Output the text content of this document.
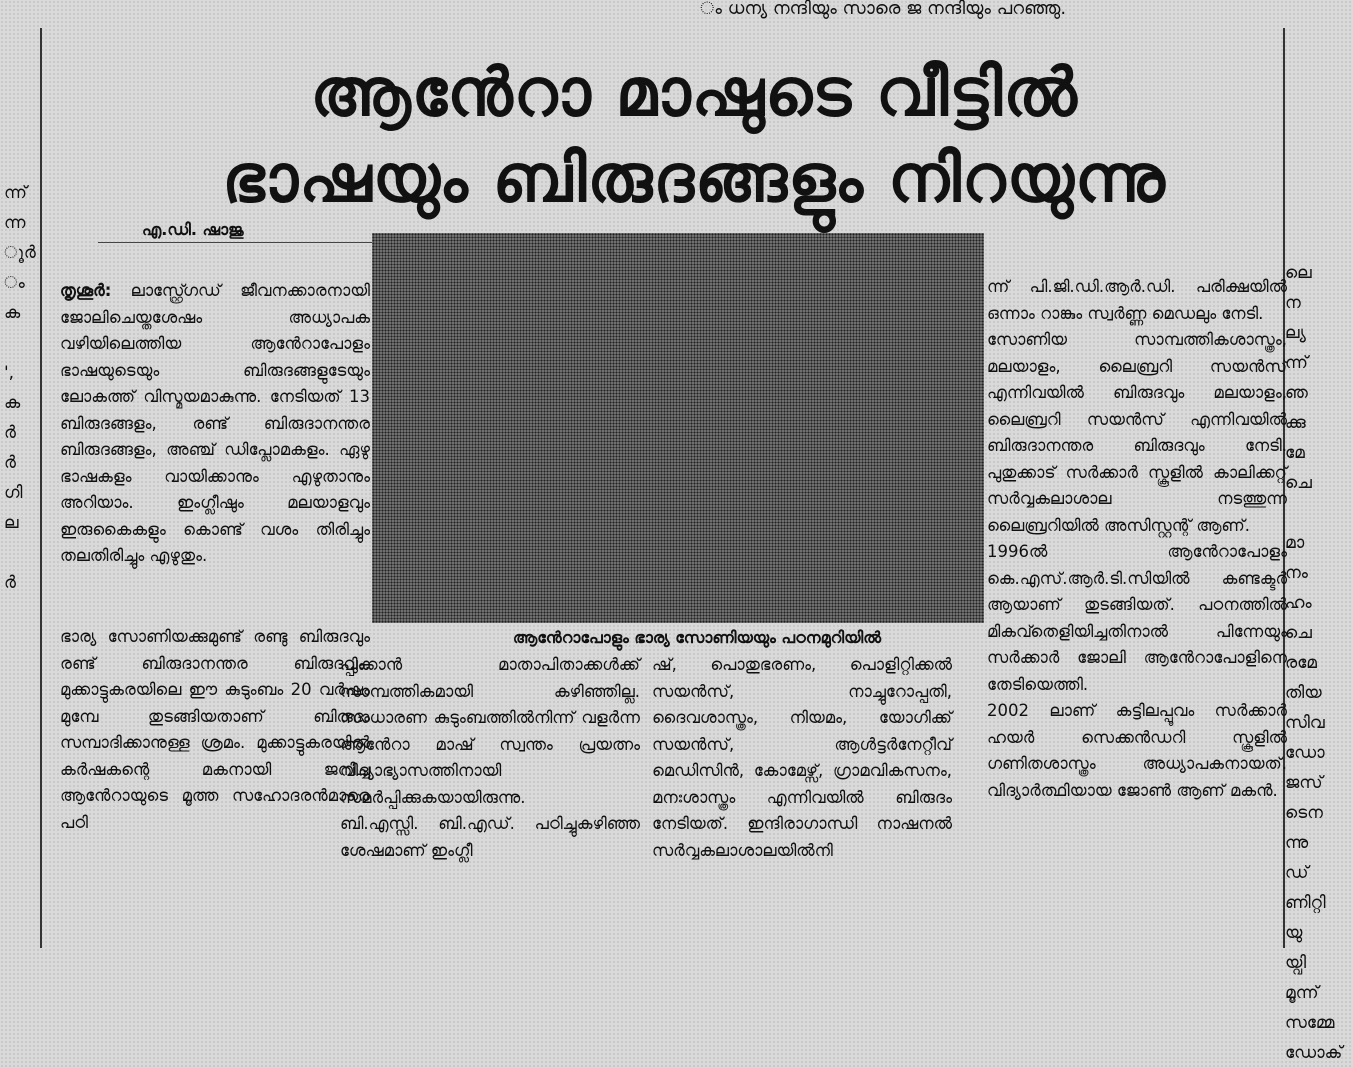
ം ധന്യ നന്ദിയും സാരെ ജ നന്ദിയും പറഞ്ഞു.
ന്ന്
ന്ന
ൂർ
ം
ക

',
ക
ർ
ർ
ഗി
ല

ർ
ലെ
ന
ല്യ
ന്ന്
ഞ
ക്കു
മേ
ചെ

മാ
നം
ഹം
ചെ
രമേ
തിയ
സിവ
ഡോ
ജസ്
ടെന
ന്നു
ഡ്
ണിറ്റി
യു
യ്വി
മൂന്ന്
സമ്മേ
ഡോക്
ആൻേറാ മാഷുടെ വീട്ടിൽ
ഭാഷയും ബിരുദങ്ങളും നിറയുന്നു
എ.ഡി. ഷാജു
ആൻേറാപോളും ഭാര്യ സോണിയയും പഠനമുറിയിൽ

തൃശൂർ: ലാസ്റ്റ്ഗ്രേഡ് ജീവനക്കാരനായി ജോലിചെയ്തശേഷം അധ്യാപക വഴിയിലെത്തിയ ആൻേറാപോളം ഭാഷയുടെയും ബിരുദങ്ങളുടേയും ലോകത്ത് വിസ്മയമാകുന്നു. നേടിയത് 13 ബിരുദങ്ങളം, രണ്ട് ബിരുദാനന്തര ബിരുദങ്ങളം, അഞ്ച് ഡിപ്ലോമകളം. ഏഴു ഭാഷകളം വായിക്കാനും എഴുതാനും അറിയാം. ഇംഗ്ലീഷും മലയാളവും ഇരുകൈകളും കൊണ്ട് വശം തിരിച്ചും തലതിരിച്ചും എഴുതും.

ഭാര്യ സോണിയക്കുമുണ്ട് രണ്ടു ബിരുദവും രണ്ട് ബിരുദാനന്തര ബിരുദവും. മുക്കാട്ടുകരയിലെ ഈ കുടുംബം 20 വർഷം മുമ്പേ തുടങ്ങിയതാണ് ബിരുദം സമ്പാദിക്കാനുള്ള ശ്രമം. മുക്കാട്ടുകരയിൽ കർഷകന്റെ മകനായി ജനിച്ച ആൻേറായുടെ മൂത്ത സഹോദരൻമാരെ പഠി

പ്പിക്കാൻ മാതാപിതാക്കൾക്ക് സാമ്പത്തികമായി കഴിഞ്ഞില്ല. സാധാരണ കുടുംബത്തിൽനിന്ന് വളർന്ന ആൻേറാ മാഷ് സ്വന്തം പ്രയത്നം വിദ്യാഭ്യാസത്തിനായി സമർപ്പിക്കുകയായിരുന്നു.

ബി.എസ്സി. ബി.എഡ്. പഠിച്ചുകഴിഞ്ഞ ശേഷമാണ് ഇംഗ്ലീ

ഷ്, പൊതുഭരണം, പൊളിറ്റിക്കൽ സയൻസ്, നാച്ചുറോപ്പതി, ദൈവശാസ്ത്രം, നിയമം, യോഗിക്ക് സയൻസ്, ആൾട്ടർനേറ്റീവ് മെഡിസിൻ, കോമേഴ്സ്, ഗ്രാമവികസനം, മനഃശാസ്ത്രം എന്നിവയിൽ ബിരുദം നേടിയത്. ഇന്ദിരാഗാന്ധി നാഷനൽ സർവ്വകലാശാലയിൽനി

ന്ന് പി.ജി.ഡി.ആർ.ഡി. പരിക്ഷയിൽ ഒന്നാം റാങ്കും സ്വർണ്ണ മെഡലും നേടി.

സോണിയ സാമ്പത്തികശാസ്ത്രം, മലയാളം, ലൈബ്രറി സയൻസ് എന്നിവയിൽ ബിരുദവും മലയാളം, ലൈബ്രറി സയൻസ് എന്നിവയിൽ ബിരുദാനന്തര ബിരുദവും നേടി. പുതുക്കാട് സർക്കാർ സ്കൂളിൽ കാലിക്കറ്റ് സർവ്വകലാശാല നടത്തുന്ന ലൈബ്രറിയിൽ അസിസ്റ്റന്റ് ആണ്.

1996ൽ ആൻേറാപോളം കെ.എസ്.ആർ.ടി.സിയിൽ കണ്ടക്ടർ ആയാണ് തുടങ്ങിയത്. പഠനത്തിൽ മികവ്തെളിയിച്ചതിനാൽ പിന്നേയും സർക്കാർ ജോലി ആൻേറാപോളിനെ തേടിയെത്തി.

2002 ലാണ് കട്ടിലപ്പൂവം സർക്കാർ ഹയർ സെക്കൻഡറി സ്കൂളിൽ ഗണിതശാസ്ത്രം അധ്യാപകനായത്. വിദ്യാർത്ഥിയായ ജോൺ ആണ് മകൻ.
